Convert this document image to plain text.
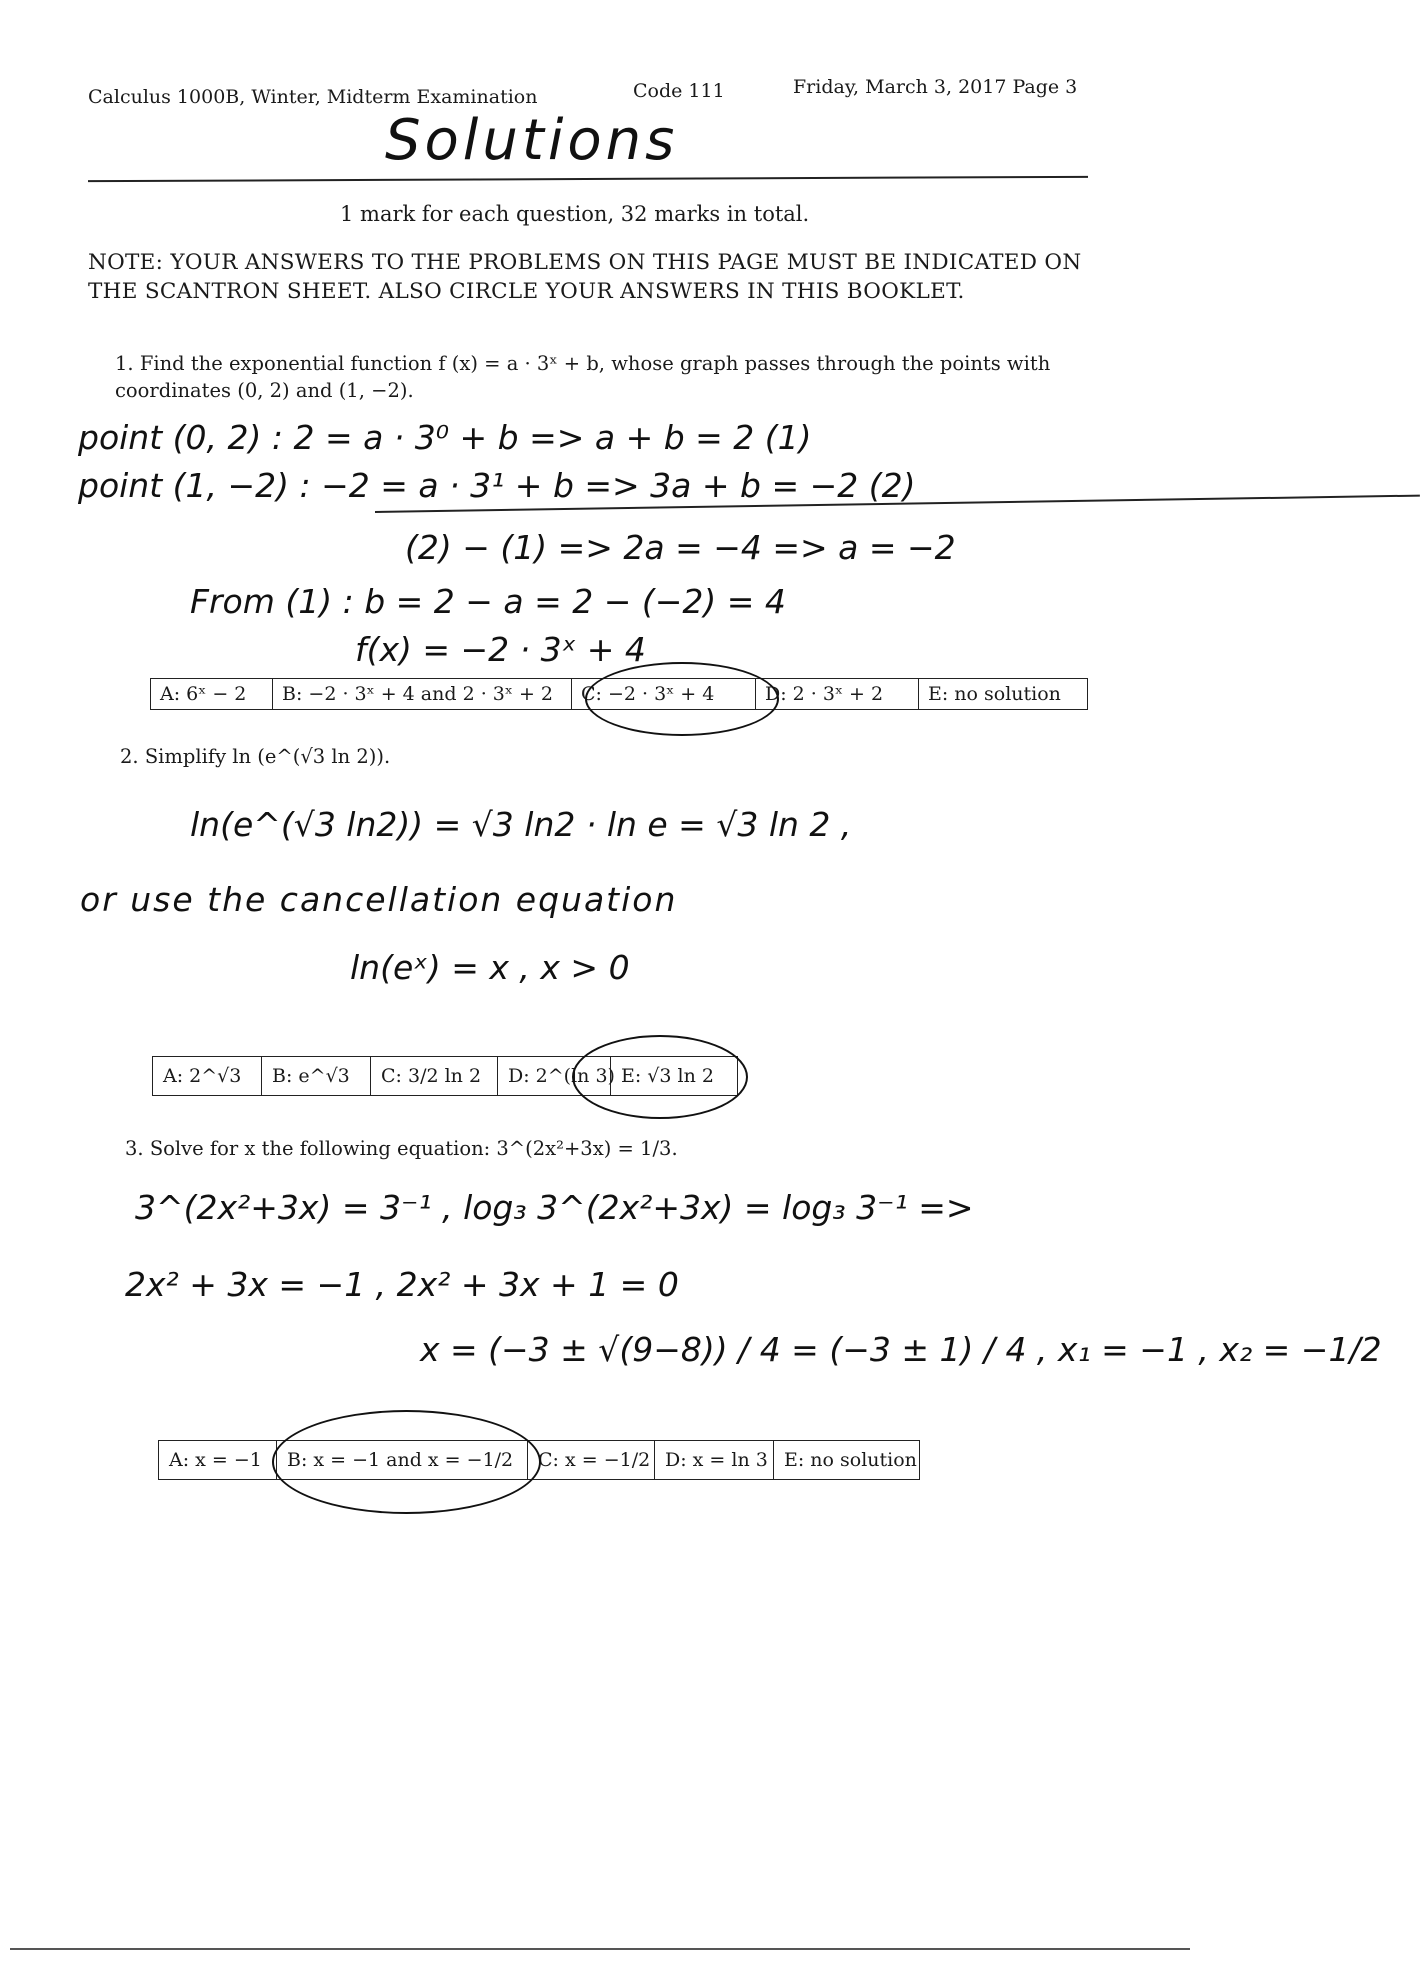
Calculus 1000B, Winter, Midterm Examination	Code 111	Friday, March 3, 2017 Page 3
Solutions
1 mark for each question, 32 marks in total.
NOTE: YOUR ANSWERS TO THE PROBLEMS ON THIS PAGE MUST BE INDICATED ON THE SCANTRON SHEET. ALSO CIRCLE YOUR ANSWERS IN THIS BOOKLET.
1. Find the exponential function f (x) = a · 3ˣ + b, whose graph passes through the points with coordinates (0, 2) and (1, −2).
point (0, 2) : 2 = a · 3⁰ + b => a + b = 2 (1)
point (1, −2) : −2 = a · 3¹ + b => 3a + b = −2 (2)
(2) − (1) => 2a = −4 => a = −2
From (1) : b = 2 − a = 2 − (−2) = 4
f(x) = −2 · 3ˣ + 4
A: 6ˣ − 2	B: −2 · 3ˣ + 4 and 2 · 3ˣ + 2	C: −2 · 3ˣ + 4	D: 2 · 3ˣ + 2	E: no solution
2. Simplify ln (e^(√3 ln 2)).
ln(e^(√3 ln2)) = √3 ln2 · ln e = √3 ln 2 ,
or use the cancellation equation
ln(eˣ) = x , x > 0
A: 2^√3	B: e^√3	C: 3/2 ln 2	D: 2^(ln 3) E: √3 ln 2
3. Solve for x the following equation: 3^(2x²+3x) = 1/3.
3^(2x²+3x) = 3⁻¹ , log₃ 3^(2x²+3x) = log₃ 3⁻¹ =>
2x² + 3x = −1 , 2x² + 3x + 1 = 0
x = (−3 ± √(9−8)) / 4 = (−3 ± 1) / 4 , x₁ = −1 , x₂ = −1/2
A: x = −1	B: x = −1 and x = −1/2	C: x = −1/2 D: x = ln 3 E: no solution
